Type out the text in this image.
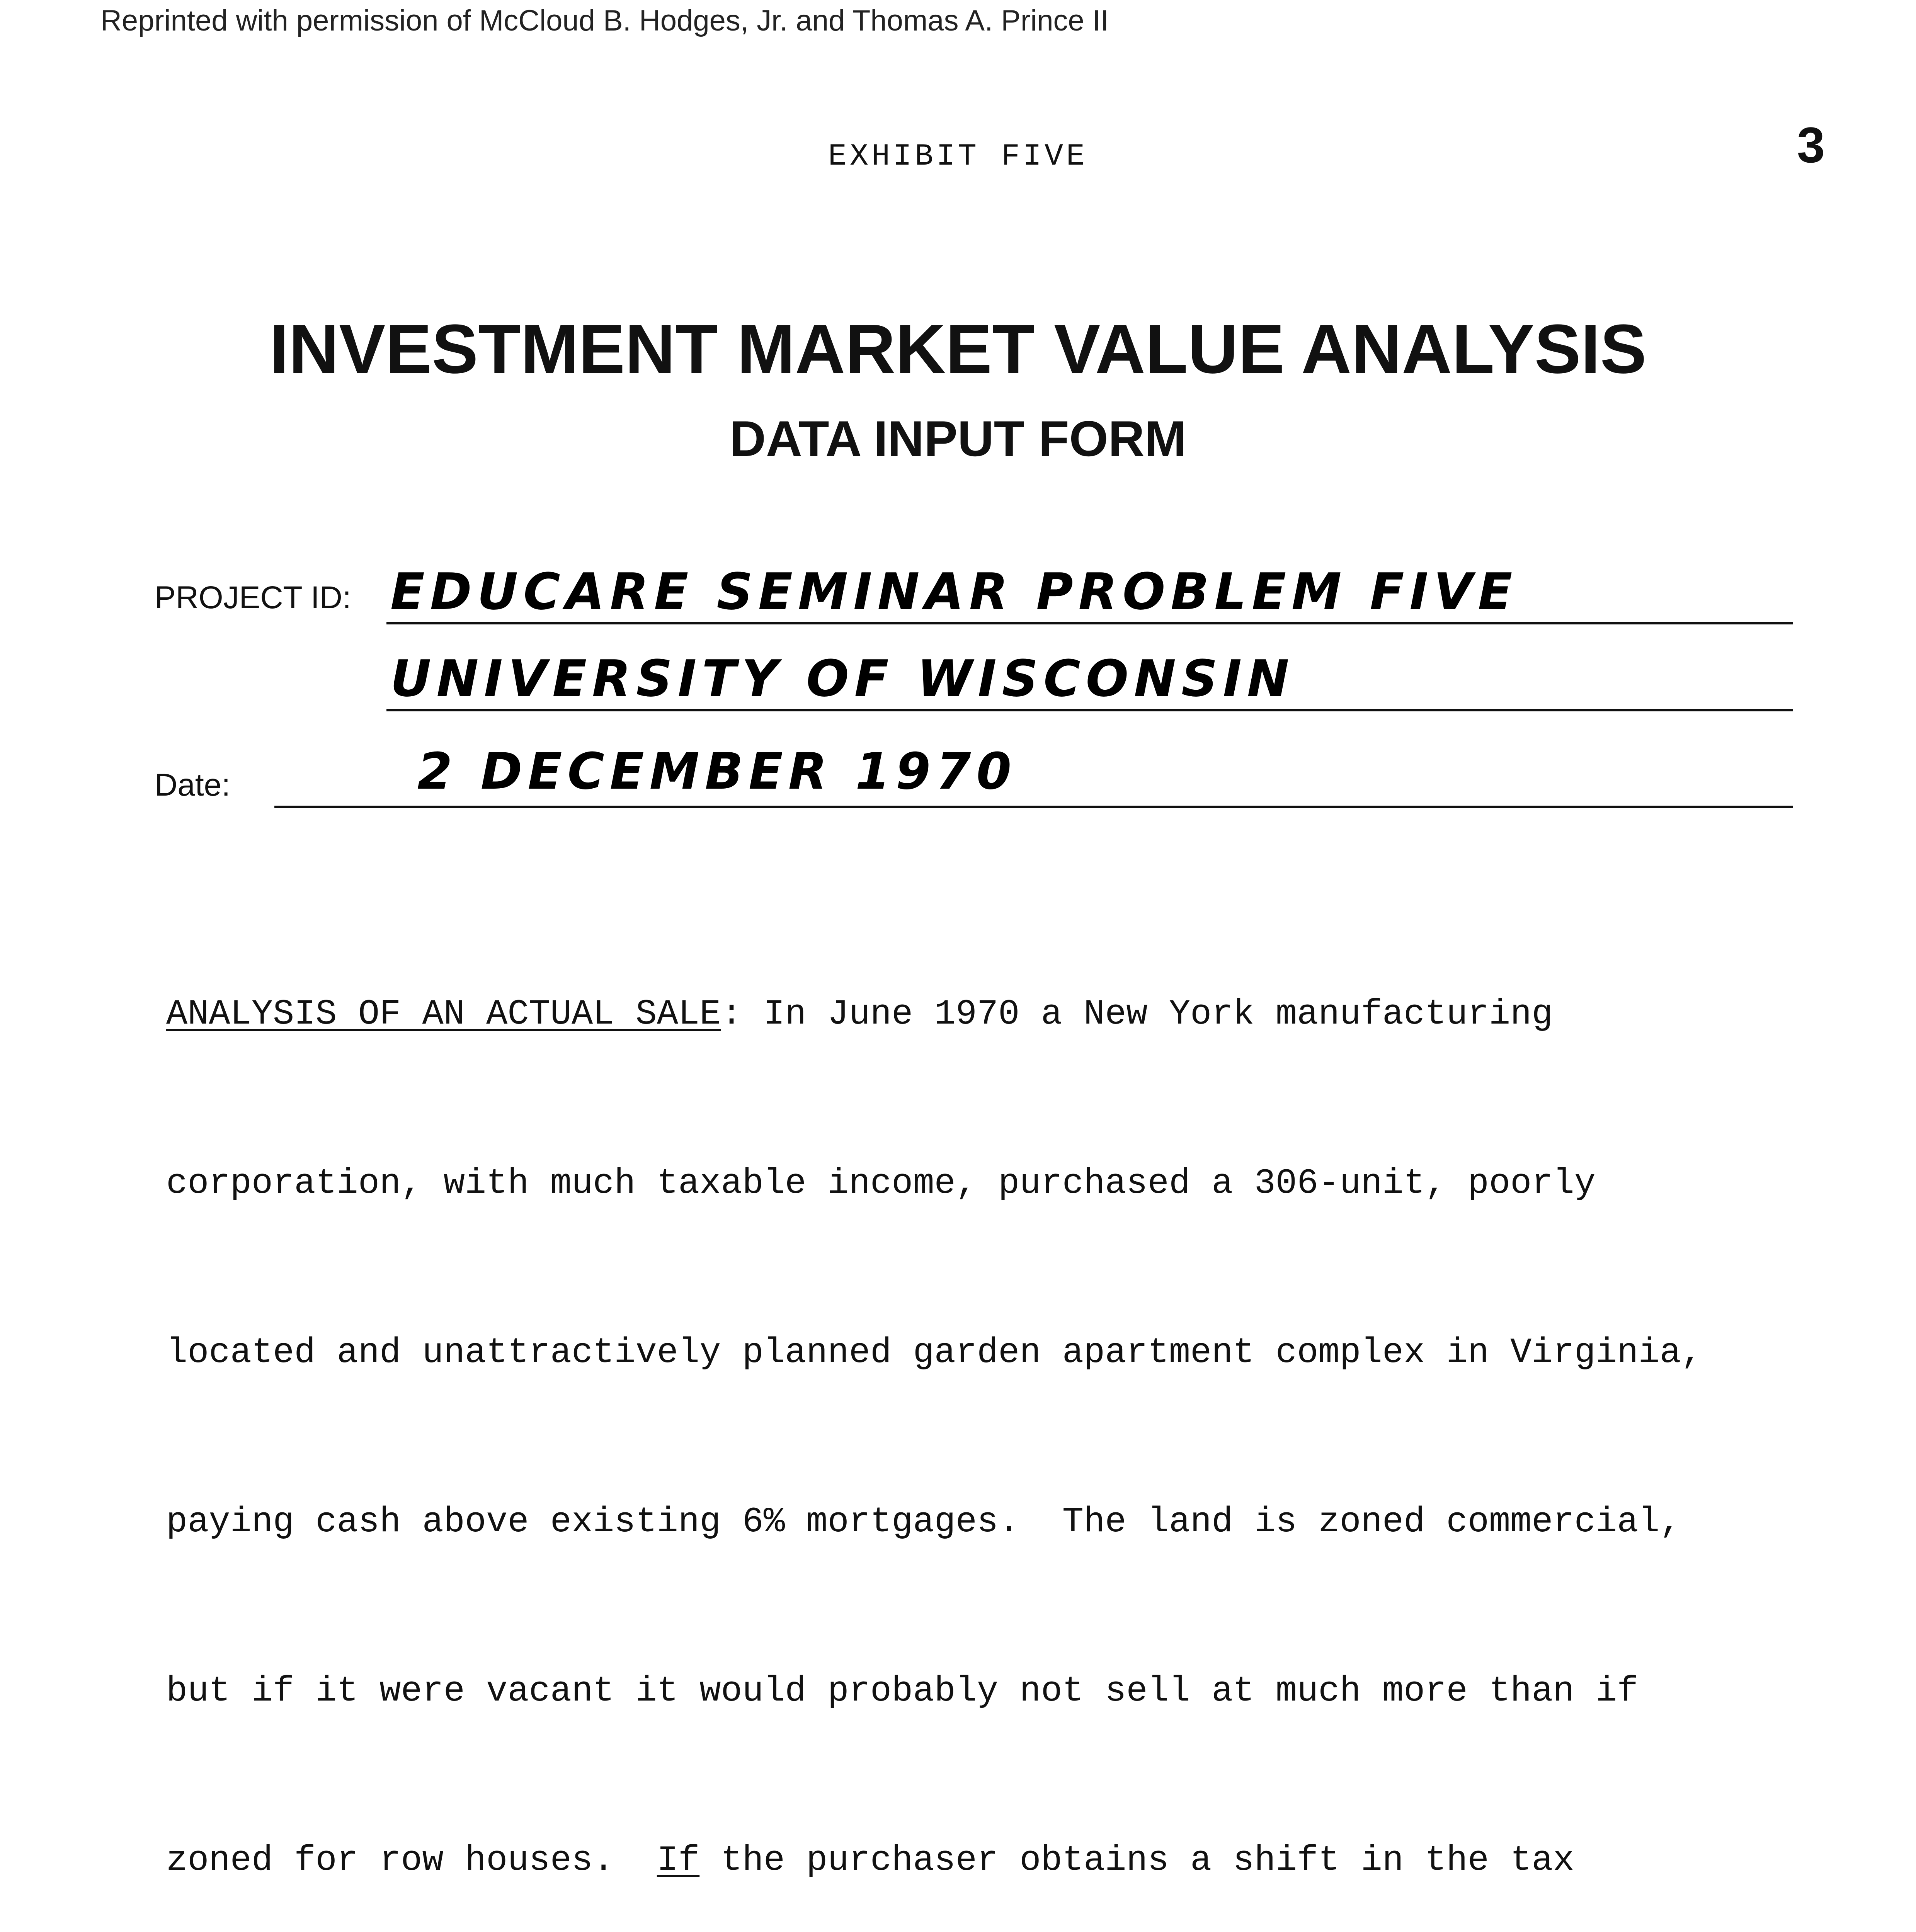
Reprinted with permission of McCloud B. Hodges, Jr. and Thomas A. Prince II
EXHIBIT FIVE	3
INVESTMENT MARKET VALUE ANALYSIS
DATA INPUT FORM
PROJECT ID: EDUCARE SEMINAR PROBLEM FIVE
UNIVERSITY OF WISCONSIN
Date:	2 DECEMBER 1970

ANALYSIS OF AN ACTUAL SALE: In June 1970 a New York manufacturing

corporation, with much taxable income, purchased a 306-unit, poorly

located and unattractively planned garden apartment complex in Virginia,

paying cash above existing 6% mortgages.  The land is zoned commercial,

but if it were vacant it would probably not sell at much more than if

zoned for row houses.  If the purchaser obtains a shift in the tax
